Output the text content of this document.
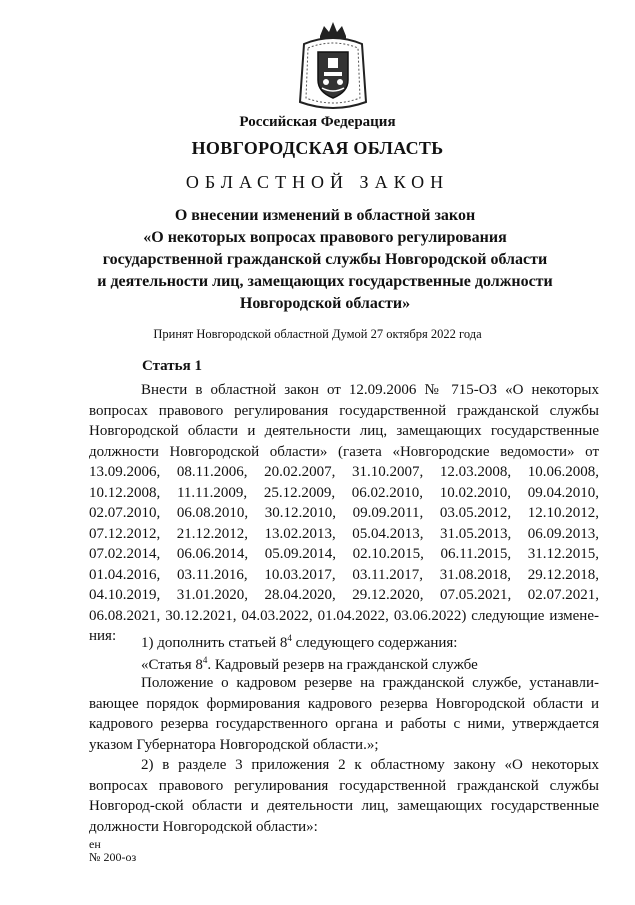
Российская Федерация
НОВГОРОДСКАЯ ОБЛАСТЬ
ОБЛАСТНОЙ ЗАКОН
О внесении изменений в областной закон
«О некоторых вопросах правового регулирования
государственной гражданской службы Новгородской области
и деятельности лиц, замещающих государственные должности
Новгородской области»
Принят Новгородской областной Думой 27 октября 2022 года
Статья 1
Внести в областной закон от 12.09.2006 № 715-ОЗ «О некоторых вопросах правового регулирования государственной гражданской службы Новгородской области и деятельности лиц, замещающих государственные должности Новгородской области» (газета «Новгородские ведомости» от 13.09.2006, 08.11.2006, 20.02.2007, 31.10.2007, 12.03.2008, 10.06.2008, 10.12.2008, 11.11.2009, 25.12.2009, 06.02.2010, 10.02.2010, 09.04.2010, 02.07.2010, 06.08.2010, 30.12.2010, 09.09.2011, 03.05.2012, 12.10.2012, 07.12.2012, 21.12.2012, 13.02.2013, 05.04.2013, 31.05.2013, 06.09.2013, 07.02.2014, 06.06.2014, 05.09.2014, 02.10.2015, 06.11.2015, 31.12.2015, 01.04.2016, 03.11.2016, 10.03.2017, 03.11.2017, 31.08.2018, 29.12.2018, 04.10.2019, 31.01.2020, 28.04.2020, 29.12.2020, 07.05.2021, 02.07.2021, 06.08.2021, 30.12.2021, 04.03.2022, 01.04.2022, 03.06.2022) следующие измене-ния:	1) дополнить статьей $8^4$ следующего содержания:
«Статья $8^4$. Кадровый резерв на гражданской службе
Положение о кадровом резерве на гражданской службе, устанавли-вающее порядок формирования кадрового резерва Новгородской области и кадрового резерва государственного органа и работы с ними, утверждается указом Губернатора Новгородской области.»;
2) в разделе 3 приложения 2 к областному закону «О некоторых вопросах правового регулирования государственной гражданской службы Новгород-ской области и деятельности лиц, замещающих государственные должности Новгородской области»:
ен
№ 200-оз
